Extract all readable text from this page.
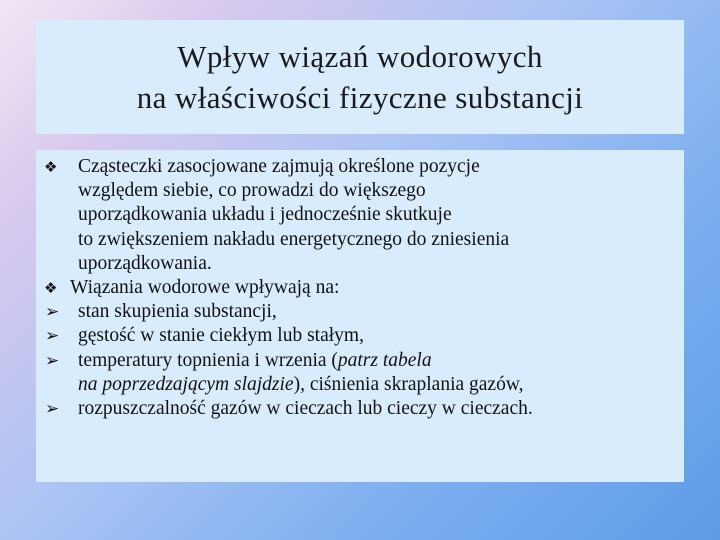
Wpływ wiązań wodorowych
na właściwości fizyczne substancji
❖	Cząsteczki zasocjowane zajmują określone pozycje

względem siebie, co prowadzi do większego

uporządkowania układu i jednocześnie skutkuje

to zwiększeniem nakładu energetycznego do zniesienia

uporządkowania.

❖ Wiązania wodorowe wpływają na:

➢ stan skupienia substancji,

➢ gęstość w stanie ciekłym lub stałym,

➢ temperatury topnienia i wrzenia (patrz tabela

na poprzedzającym slajdzie), ciśnienia skraplania gazów,

➢ rozpuszczalność gazów w cieczach lub cieczy w cieczach.
